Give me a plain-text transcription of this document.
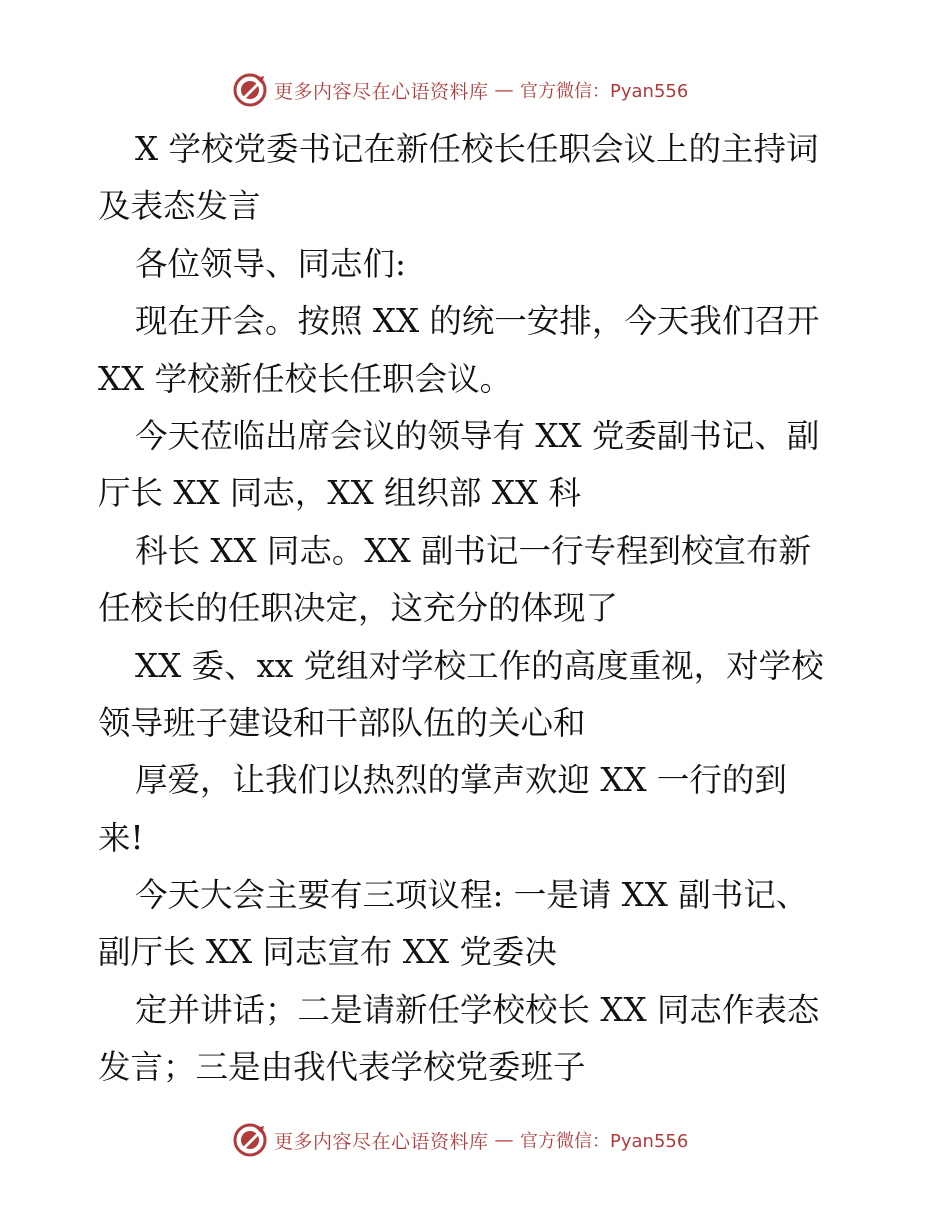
更多内容尽在心语资料库 — 官方微信：Pyan556
X 学校党委书记在新任校长任职会议上的主持词
及表态发言
各位领导、同志们:
现在开会。按照 XX 的统一安排，今天我们召开
XX 学校新任校长任职会议。
今天莅临出席会议的领导有 XX 党委副书记、副
厅长 XX 同志，XX 组织部 XX 科
科长 XX 同志。XX 副书记一行专程到校宣布新
任校长的任职决定，这充分的体现了
XX 委、xx 党组对学校工作的高度重视，对学校
领导班子建设和干部队伍的关心和
厚爱，让我们以热烈的掌声欢迎 XX 一行的到
来!
今天大会主要有三项议程: 一是请 XX 副书记、
副厅长 XX 同志宣布 XX 党委决
定并讲话；二是请新任学校校长 XX 同志作表态
发言；三是由我代表学校党委班子
更多内容尽在心语资料库 — 官方微信：Pyan556
